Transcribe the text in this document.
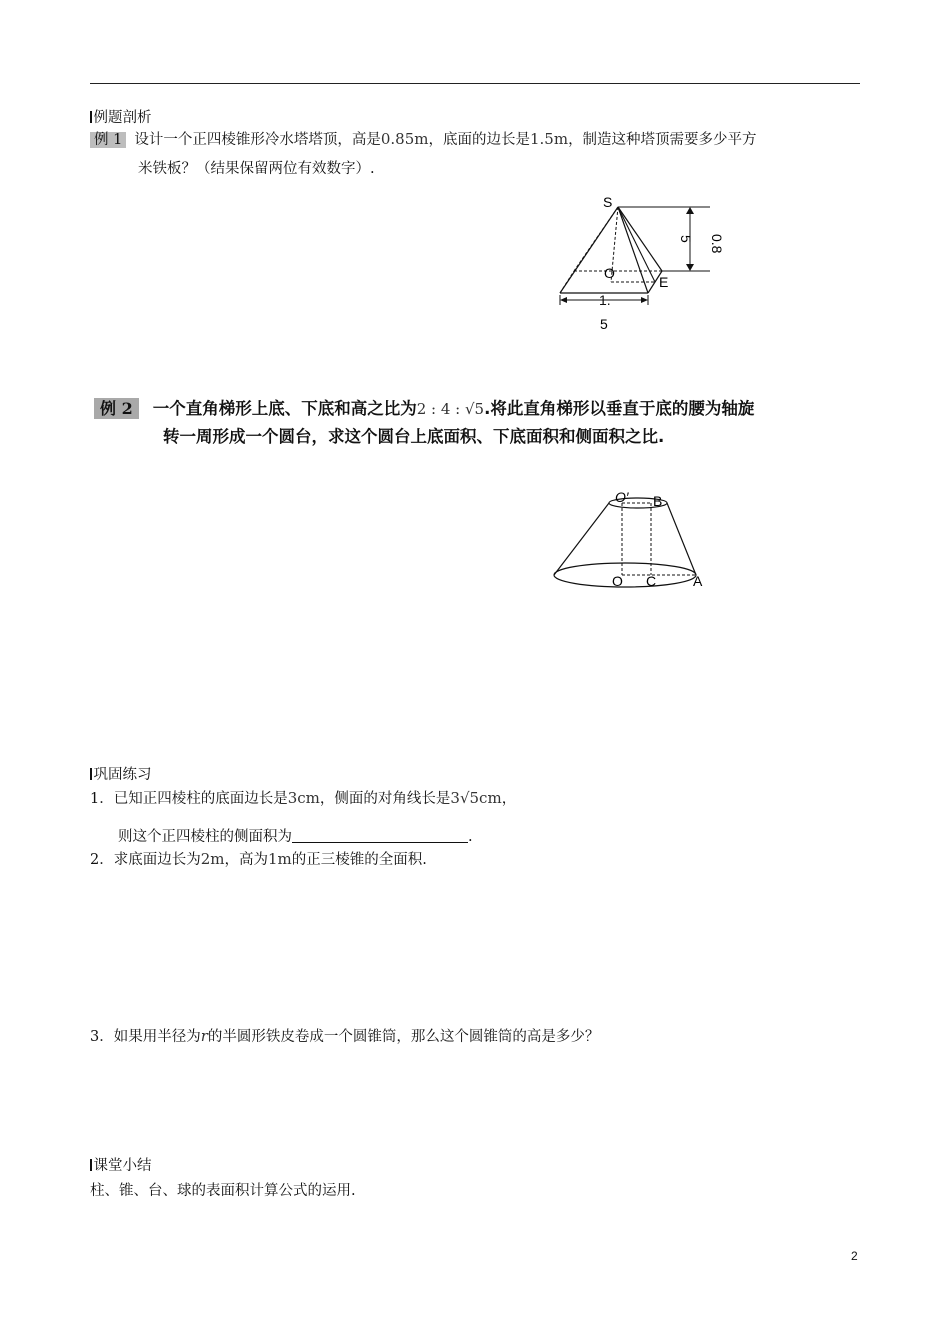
例题剖析
例 1 设计一个正四棱锥形冷水塔塔顶，高是0.85m，底面的边长是1.5m，制造这种塔顶需要多少平方
米铁板？（结果保留两位有效数字）.
S
O
E
0.8
5
1.
5
例 2 一个直角梯形上底、下底和高之比为2 : 4 : √5.将此直角梯形以垂直于底的腰为轴旋
转一周形成一个圆台，求这个圆台上底面积、下底面积和侧面积之比.
O′ B
O C	A
巩固练习
1．已知正四棱柱的底面边长是3cm，侧面的对角线长是3√5cm，
则这个正四棱柱的侧面积为	.
2．求底面边长为2m，高为1m的正三棱锥的全面积.
3．如果用半径为r的半圆形铁皮卷成一个圆锥筒，那么这个圆锥筒的高是多少？
课堂小结
柱、锥、台、球的表面积计算公式的运用.
2
